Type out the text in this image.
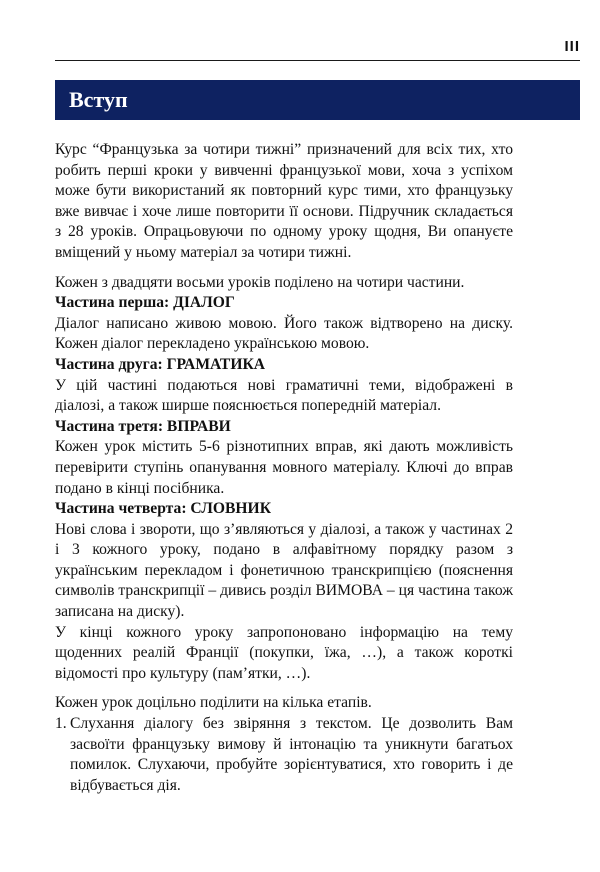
III
Вступ

Курс “Французька за чотири тижні” призначений для всіх тих, хто робить перші кроки у вивченні французької мови, хоча з успіхом може бути використаний як повторний курс тими, хто французьку вже вивчає і хоче лише повторити її основи. Підручник складається з 28 уроків. Опрацьовуючи по одному уроку щодня, Ви опануєте вміщений у ньому матеріал за чотири тижні.

Кожен з двадцяти восьми уроків поділено на чотири частини.

Частина перша: ДІАЛОГ

Діалог написано живою мовою. Його також відтворено на диску. Кожен діалог перекладено українською мовою.

Частина друга: ГРАМАТИКА

У цій частині подаються нові граматичні теми, відображені в діалозі, а також ширше пояснюється попередній матеріал.

Частина третя: ВПРАВИ

Кожен урок містить 5-6 різнотипних вправ, які дають можливість перевірити ступінь опанування мовного матеріалу. Ключі до вправ подано в кінці посібника.

Частина четверта: СЛОВНИК

Нові слова і звороти, що з’являються у діалозі, а також у частинах 2 і 3 кожного уроку, подано в алфавітному порядку разом з українським перекладом і фонетичною транскрипцією (пояснення символів транскрипції – дивись розділ ВИМОВА – ця частина також записана на диску).

У кінці кожного уроку запропоновано інформацію на тему щоденних реалій Франції (покупки, їжа, …), а також короткі відомості про культуру (пам’ятки, …).

Кожен урок доцільно поділити на кілька етапів.

1. Слухання діалогу без звіряння з текстом. Це дозволить Вам засвоїти французьку вимову й інтонацію та уникнути багатьох помилок. Слухаючи, пробуйте зорієнтуватися, хто говорить і де відбувається дія.
